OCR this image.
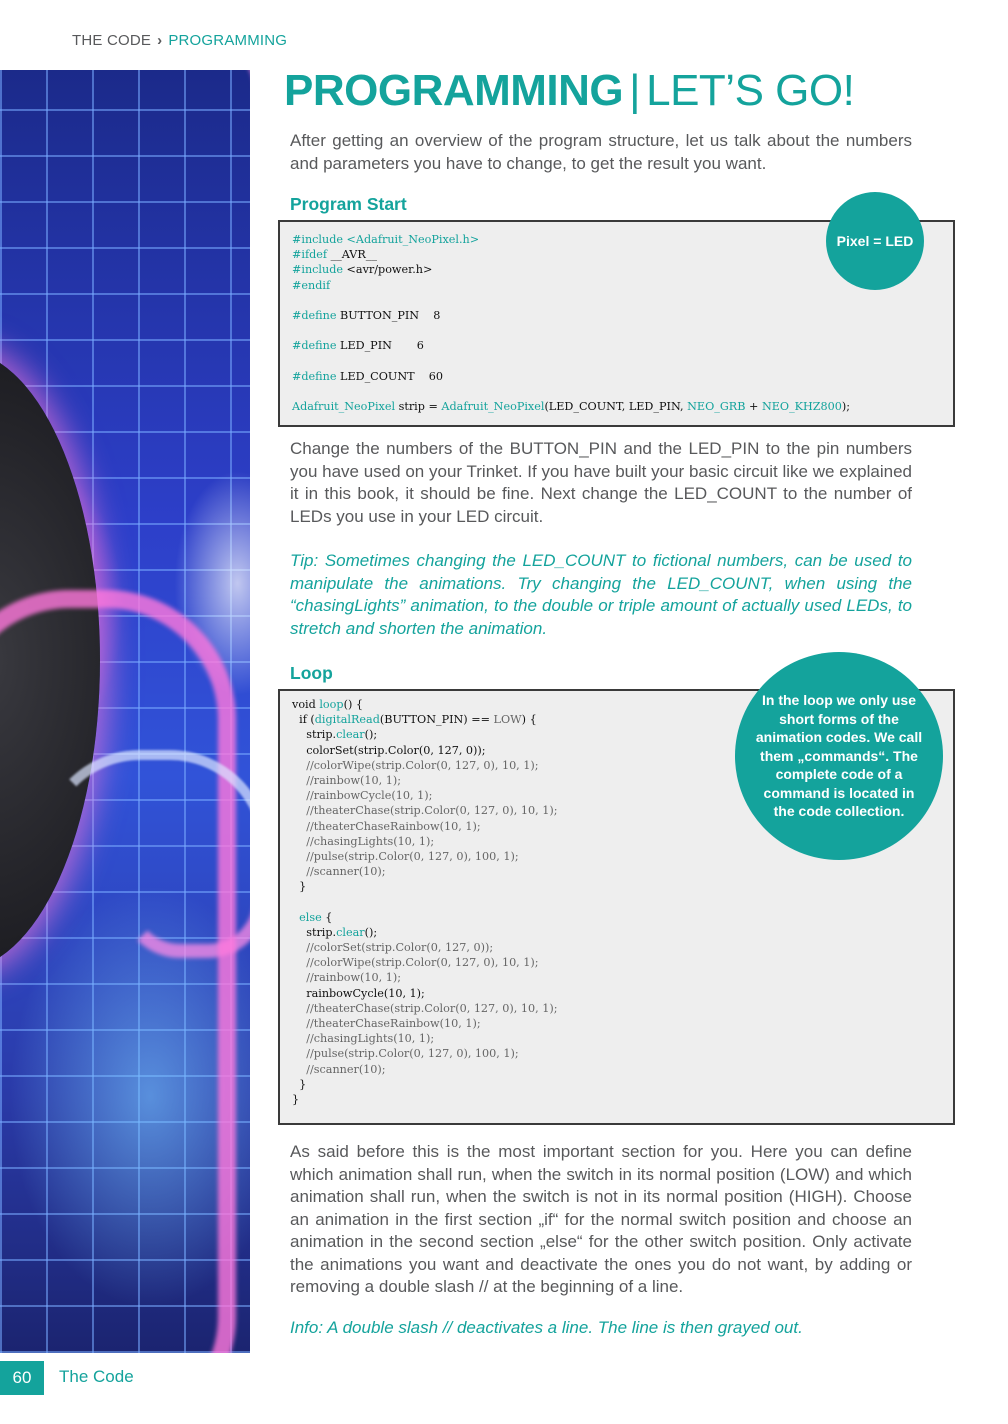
THE CODE › PROGRAMMING
PROGRAMMING | LET’S GO!

After getting an overview of the program structure, let us talk about the numbers and parameters you have to change, to get the result you want.

Program Start
#include <Adafruit_NeoPixel.h>
#ifdef __AVR__
#include <avr/power.h>
#endif

#define BUTTON_PIN    8

#define LED_PIN       6

#define LED_COUNT    60

Adafruit_NeoPixel strip = Adafruit_NeoPixel(LED_COUNT, LED_PIN, NEO_GRB + NEO_KHZ800);
Pixel = LED

Change the numbers of the BUTTON_PIN and the LED_PIN to the pin numbers you have used on your Trinket. If you have built your basic circuit like we explained it in this book, it should be fine. Next change the LED_COUNT to the number of LEDs you use in your LED circuit.

Tip: Sometimes changing the LED_COUNT to fictional numbers, can be used to manipulate the animations. Try changing the LED_COUNT, when using the “chasingLights” animation, to the double or triple amount of actually used LEDs, to stretch and shorten the animation.

Loop
void loop() {
if (digitalRead(BUTTON_PIN) == LOW) {
strip.clear();
colorSet(strip.Color(0, 127, 0));
//colorWipe(strip.Color(0, 127, 0), 10, 1);
//rainbow(10, 1);
//rainbowCycle(10, 1);
//theaterChase(strip.Color(0, 127, 0), 10, 1);
//theaterChaseRainbow(10, 1);
//chasingLights(10, 1);
//pulse(strip.Color(0, 127, 0), 100, 1);
//scanner(10);
}

else {
strip.clear();
//colorSet(strip.Color(0, 127, 0));
//colorWipe(strip.Color(0, 127, 0), 10, 1);
//rainbow(10, 1);
rainbowCycle(10, 1);
//theaterChase(strip.Color(0, 127, 0), 10, 1);
//theaterChaseRainbow(10, 1);
//chasingLights(10, 1);
//pulse(strip.Color(0, 127, 0), 100, 1);
//scanner(10);
}
}
In the loop we only use short forms of the animation codes. We call them „commands“. The complete code of a command is located in the code collection.

As said before this is the most important section for you. Here you can define which animation shall run, when the switch in its normal position (LOW) and which animation shall run, when the switch is not in its normal position (HIGH). Choose an animation in the first section „if“ for the normal switch position and choose an animation in the second section „else“ for the other switch position. Only activate the animations you want and deactivate the ones you do not want, by adding or removing a double slash // at the beginning of a line.

Info: A double slash // deactivates a line. The line is then grayed out.

60	The Code
